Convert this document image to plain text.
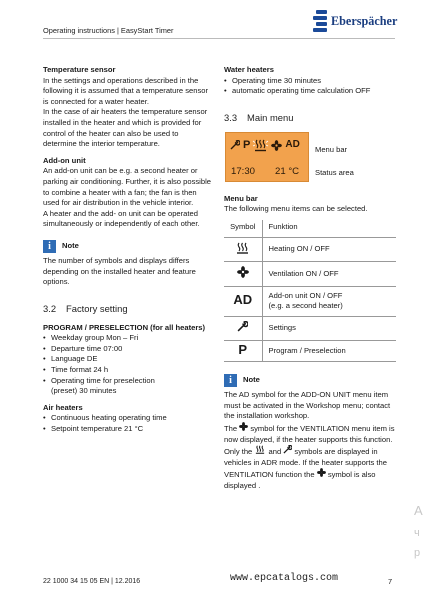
Operating instructions | EasyStart Timer
Eberspächer

Temperature sensor

In the settings and operations described in the following it is assumed that a temperature sensor is connected for a water heater.

In the case of air heaters the temperature sensor installed in the heater and which is provided for control of the heater can also be used to determine the interior temperature.

Add-on unit

An add-on unit can be e.g. a second heater or parking air conditioning. Further, it is also possible to combine a heater with a fan; the fan is then used for air distribution in the vehicle interior.

A heater and the add- on unit can be operated simultaneously or independently of each other.

i	Note

The number of symbols and displays differs depending on the installed heater and feature options.

3.2 Factory setting

PROGRAM / PRESELECTION (for all heaters)

• Weekday group Mon – Fri
• Departure time 07:00
• Language DE
• Time format 24 h
• Operating time for preselection (preset) 30 minutes

Air heaters

• Continuous heating operating time
• Setpoint temperature 21 °C

Water heaters

• Operating time 30 minutes
• automatic operating time calculation OFF
3.3 Main menu
P	AD
17:30 21 °C
Menu bar
Status area

Menu bar

The following menu items can be selected.

Symbol	Funktion
	Heating ON / OFF
	Ventilation ON / OFF
AD	Add-on unit ON / OFF
(e.g. a second heater)

	Settings
P	Program / Preselection
i	Note

The AD symbol for the ADD-ON UNIT menu item must be activated in the Workshop menu; contact the installation workshop.

The  symbol for the VENTILATION menu item is now displayed, if the heater supports this function.

Only the  and  symbols are displayed in vehicles in ADR mode. If the heater supports the VENTILATION function the  symbol is also displayed .

A
ч
р
22 1000 34 15 05 EN | 12.2016	www.epcatalogs.com	7
